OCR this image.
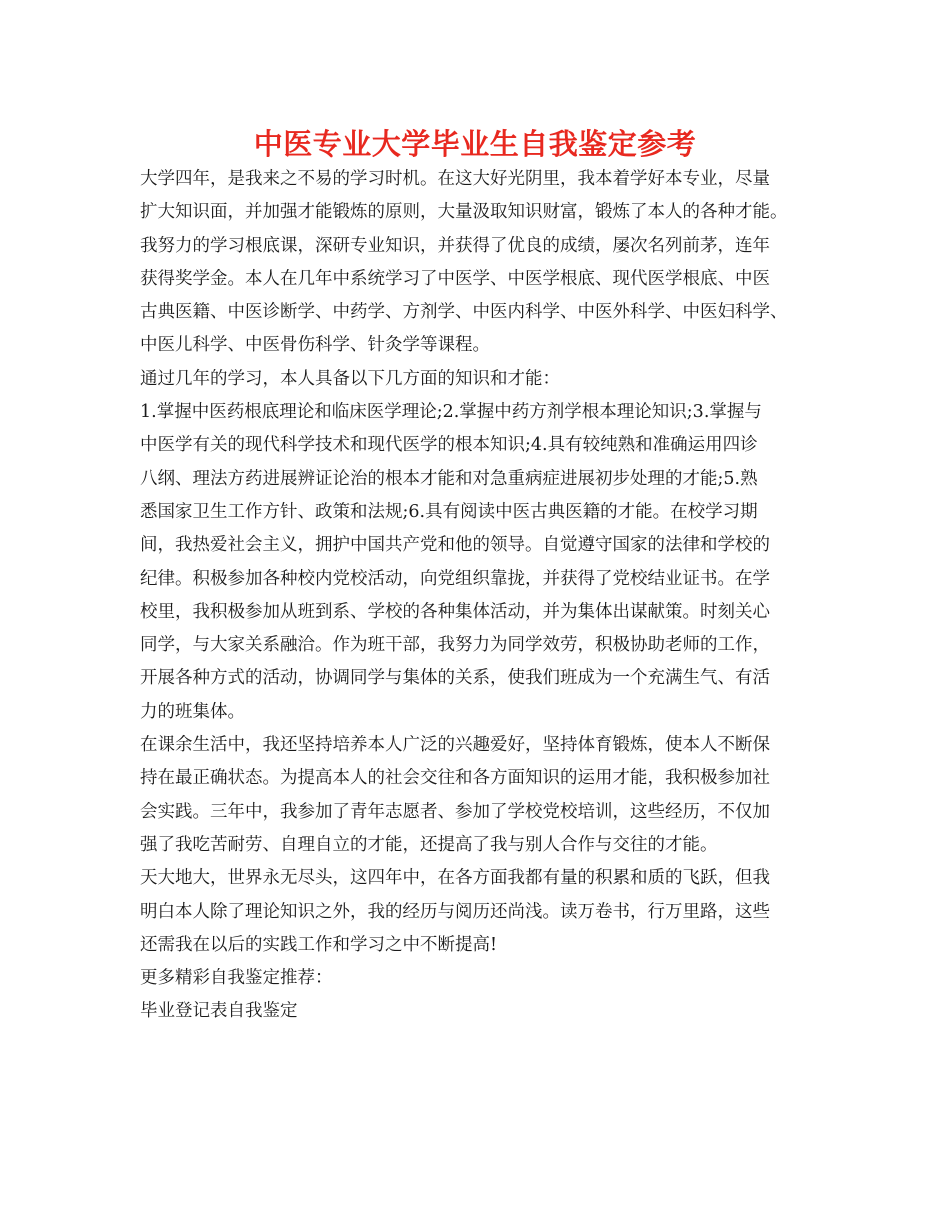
中医专业大学毕业生自我鉴定参考
大学四年，是我来之不易的学习时机。在这大好光阴里，我本着学好本专业，尽量
扩大知识面，并加强才能锻炼的原则，大量汲取知识财富，锻炼了本人的各种才能。
我努力的学习根底课，深研专业知识，并获得了优良的成绩，屡次名列前茅，连年
获得奖学金。本人在几年中系统学习了中医学、中医学根底、现代医学根底、中医
古典医籍、中医诊断学、中药学、方剂学、中医内科学、中医外科学、中医妇科学、
中医儿科学、中医骨伤科学、针灸学等课程。
通过几年的学习，本人具备以下几方面的知识和才能：
1.掌握中医药根底理论和临床医学理论;2.掌握中药方剂学根本理论知识;3.掌握与
中医学有关的现代科学技术和现代医学的根本知识;4.具有较纯熟和准确运用四诊
八纲、理法方药进展辨证论治的根本才能和对急重病症进展初步处理的才能;5.熟
悉国家卫生工作方针、政策和法规;6.具有阅读中医古典医籍的才能。在校学习期
间，我热爱社会主义，拥护中国共产党和他的领导。自觉遵守国家的法律和学校的
纪律。积极参加各种校内党校活动，向党组织靠拢，并获得了党校结业证书。在学
校里，我积极参加从班到系、学校的各种集体活动，并为集体出谋献策。时刻关心
同学，与大家关系融洽。作为班干部，我努力为同学效劳，积极协助老师的工作，
开展各种方式的活动，协调同学与集体的关系，使我们班成为一个充满生气、有活
力的班集体。
在课余生活中，我还坚持培养本人广泛的兴趣爱好，坚持体育锻炼，使本人不断保
持在最正确状态。为提高本人的社会交往和各方面知识的运用才能，我积极参加社
会实践。三年中，我参加了青年志愿者、参加了学校党校培训，这些经历，不仅加
强了我吃苦耐劳、自理自立的才能，还提高了我与别人合作与交往的才能。
天大地大，世界永无尽头，这四年中，在各方面我都有量的积累和质的飞跃，但我
明白本人除了理论知识之外，我的经历与阅历还尚浅。读万卷书，行万里路，这些
还需我在以后的实践工作和学习之中不断提高!
更多精彩自我鉴定推荐：
毕业登记表自我鉴定
